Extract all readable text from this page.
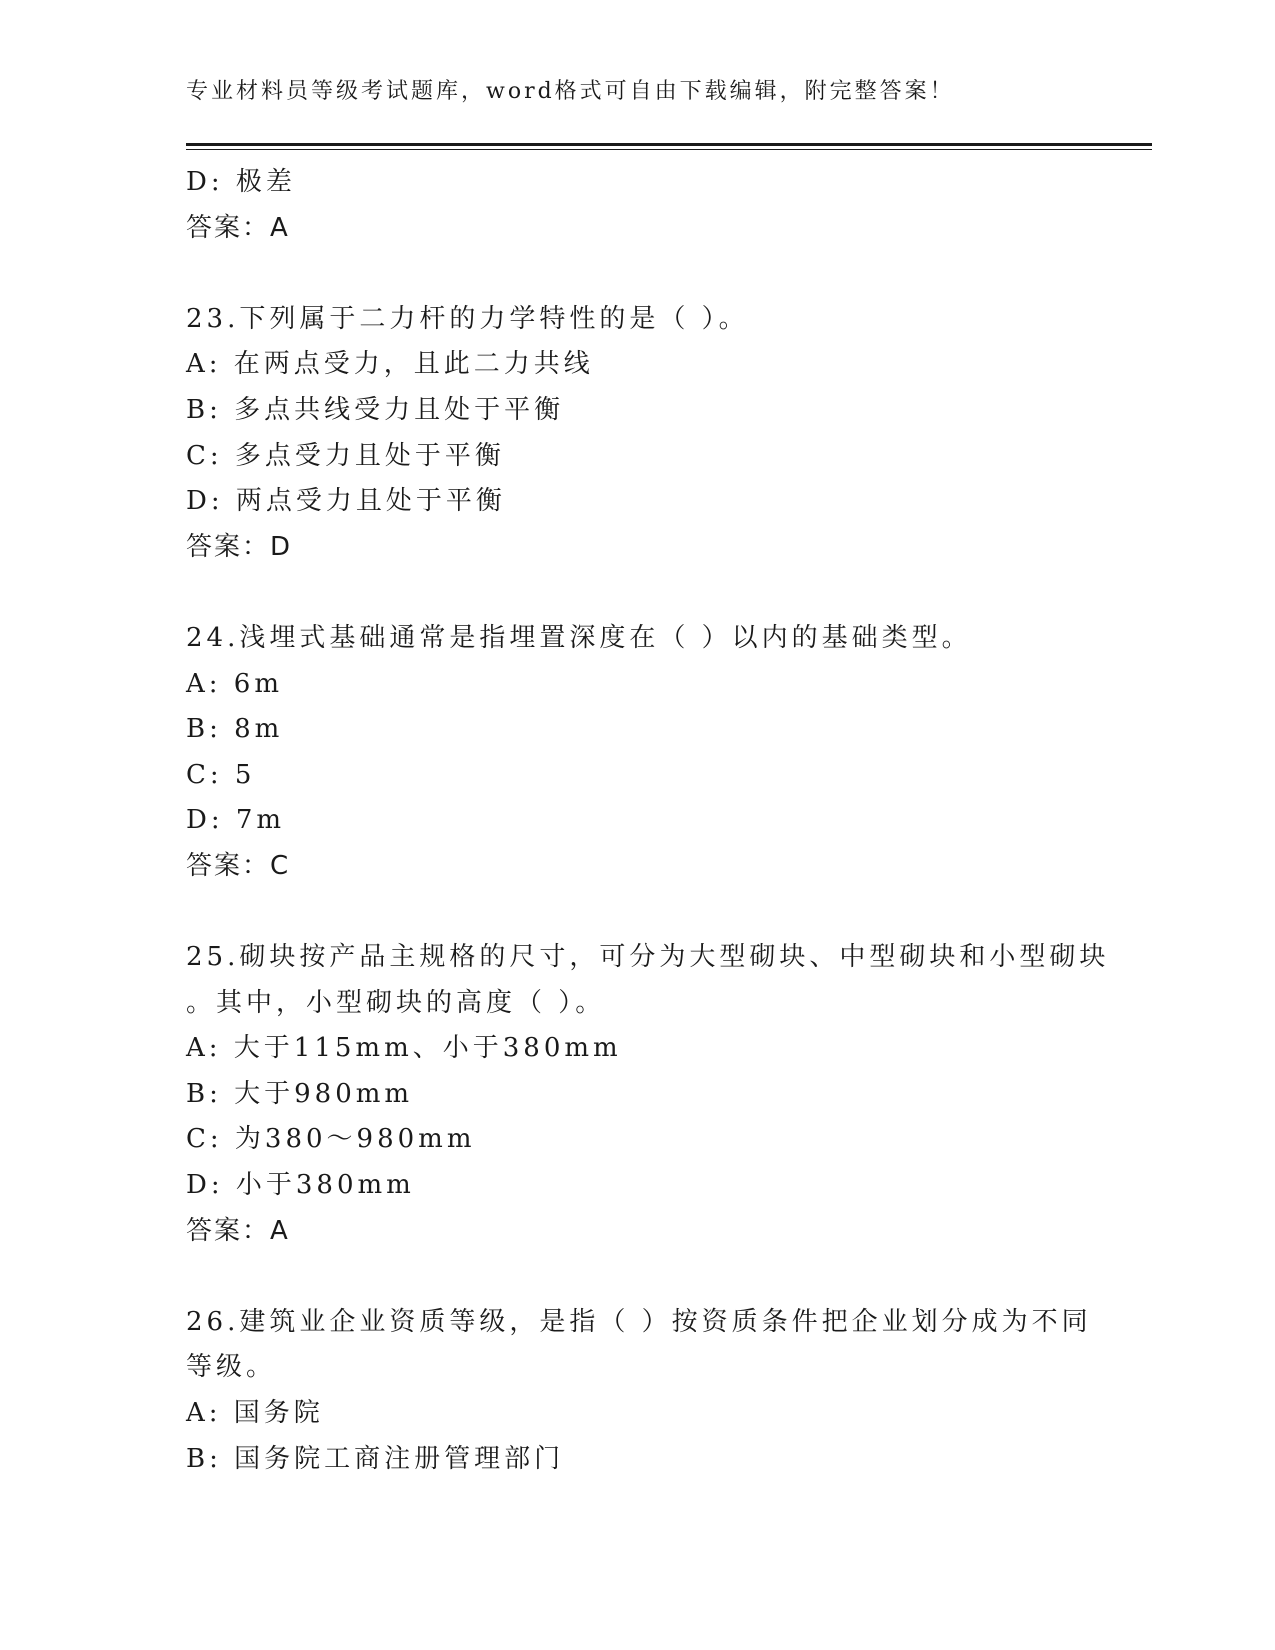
专业材料员等级考试题库，word格式可自由下载编辑，附完整答案！
D: 极差
答案：A
23.下列属于二力杆的力学特性的是（ ）。
A: 在两点受力，且此二力共线
B: 多点共线受力且处于平衡
C: 多点受力且处于平衡
D: 两点受力且处于平衡
答案：D
24.浅埋式基础通常是指埋置深度在（ ）以内的基础类型。
A: 6m
B: 8m
C: 5
D: 7m
答案：C
25.砌块按产品主规格的尺寸，可分为大型砌块、中型砌块和小型砌块
。其中，小型砌块的高度（ ）。
A: 大于115mm、小于380mm
B: 大于980mm
C: 为380～980mm
D: 小于380mm
答案：A
26.建筑业企业资质等级，是指（ ）按资质条件把企业划分成为不同
等级。
A: 国务院
B: 国务院工商注册管理部门
